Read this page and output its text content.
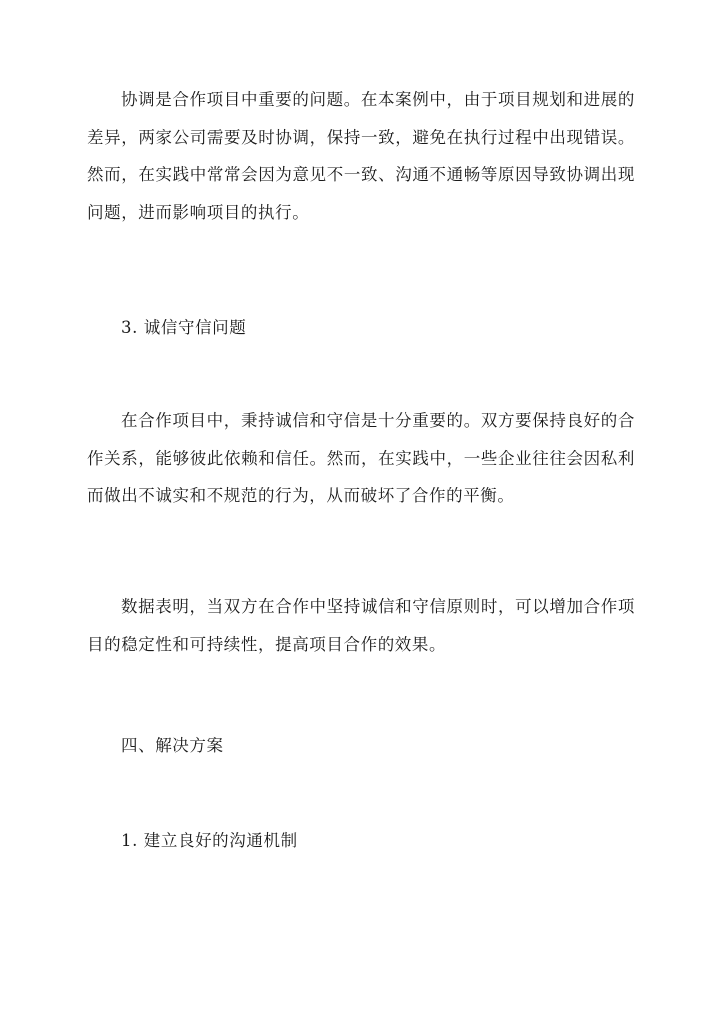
协调是合作项目中重要的问题。在本案例中，由于项目规划和进展的差异，两家公司需要及时协调，保持一致，避免在执行过程中出现错误。然而，在实践中常常会因为意见不一致、沟通不通畅等原因导致协调出现问题，进而影响项目的执行。

3. 诚信守信问题

在合作项目中，秉持诚信和守信是十分重要的。双方要保持良好的合作关系，能够彼此依赖和信任。然而，在实践中，一些企业往往会因私利而做出不诚实和不规范的行为，从而破坏了合作的平衡。

数据表明，当双方在合作中坚持诚信和守信原则时，可以增加合作项目的稳定性和可持续性，提高项目合作的效果。

四、解决方案
1. 建立良好的沟通机制
